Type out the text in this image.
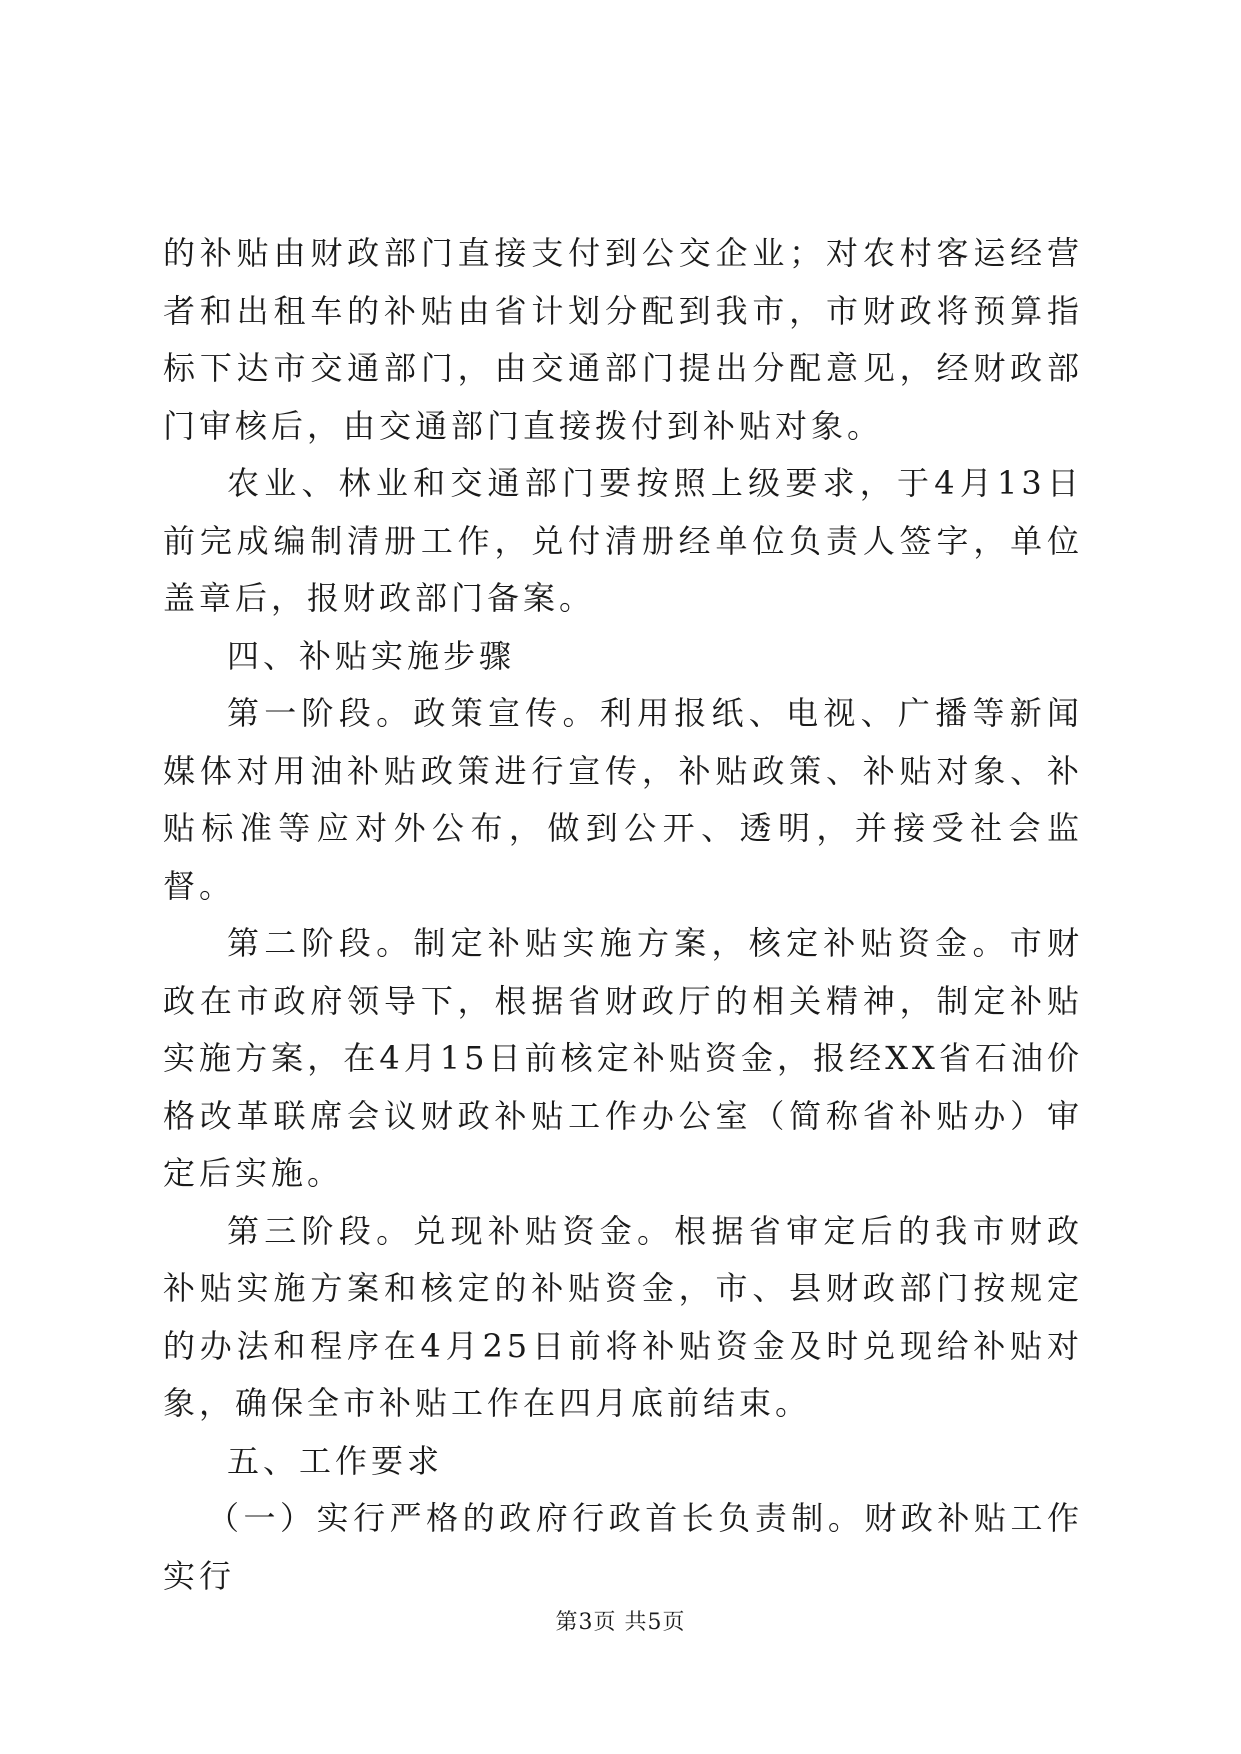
的补贴由财政部门直接支付到公交企业；对农村客运经营者和出租车的补贴由省计划分配到我市，市财政将预算指标下达市交通部门，由交通部门提出分配意见，经财政部门审核后，由交通部门直接拨付到补贴对象。

农业、林业和交通部门要按照上级要求，于4月13日前完成编制清册工作，兑付清册经单位负责人签字，单位盖章后，报财政部门备案。

四、补贴实施步骤

第一阶段。政策宣传。利用报纸、电视、广播等新闻媒体对用油补贴政策进行宣传，补贴政策、补贴对象、补贴标准等应对外公布，做到公开、透明，并接受社会监督。

第二阶段。制定补贴实施方案，核定补贴资金。市财政在市政府领导下，根据省财政厅的相关精神，制定补贴实施方案，在4月15日前核定补贴资金，报经XX省石油价格改革联席会议财政补贴工作办公室（简称省补贴办）审定后实施。

第三阶段。兑现补贴资金。根据省审定后的我市财政补贴实施方案和核定的补贴资金，市、县财政部门按规定的办法和程序在4月25日前将补贴资金及时兑现给补贴对象，确保全市补贴工作在四月底前结束。

五、工作要求

（一）实行严格的政府行政首长负责制。财政补贴工作实行

第3页 共5页
